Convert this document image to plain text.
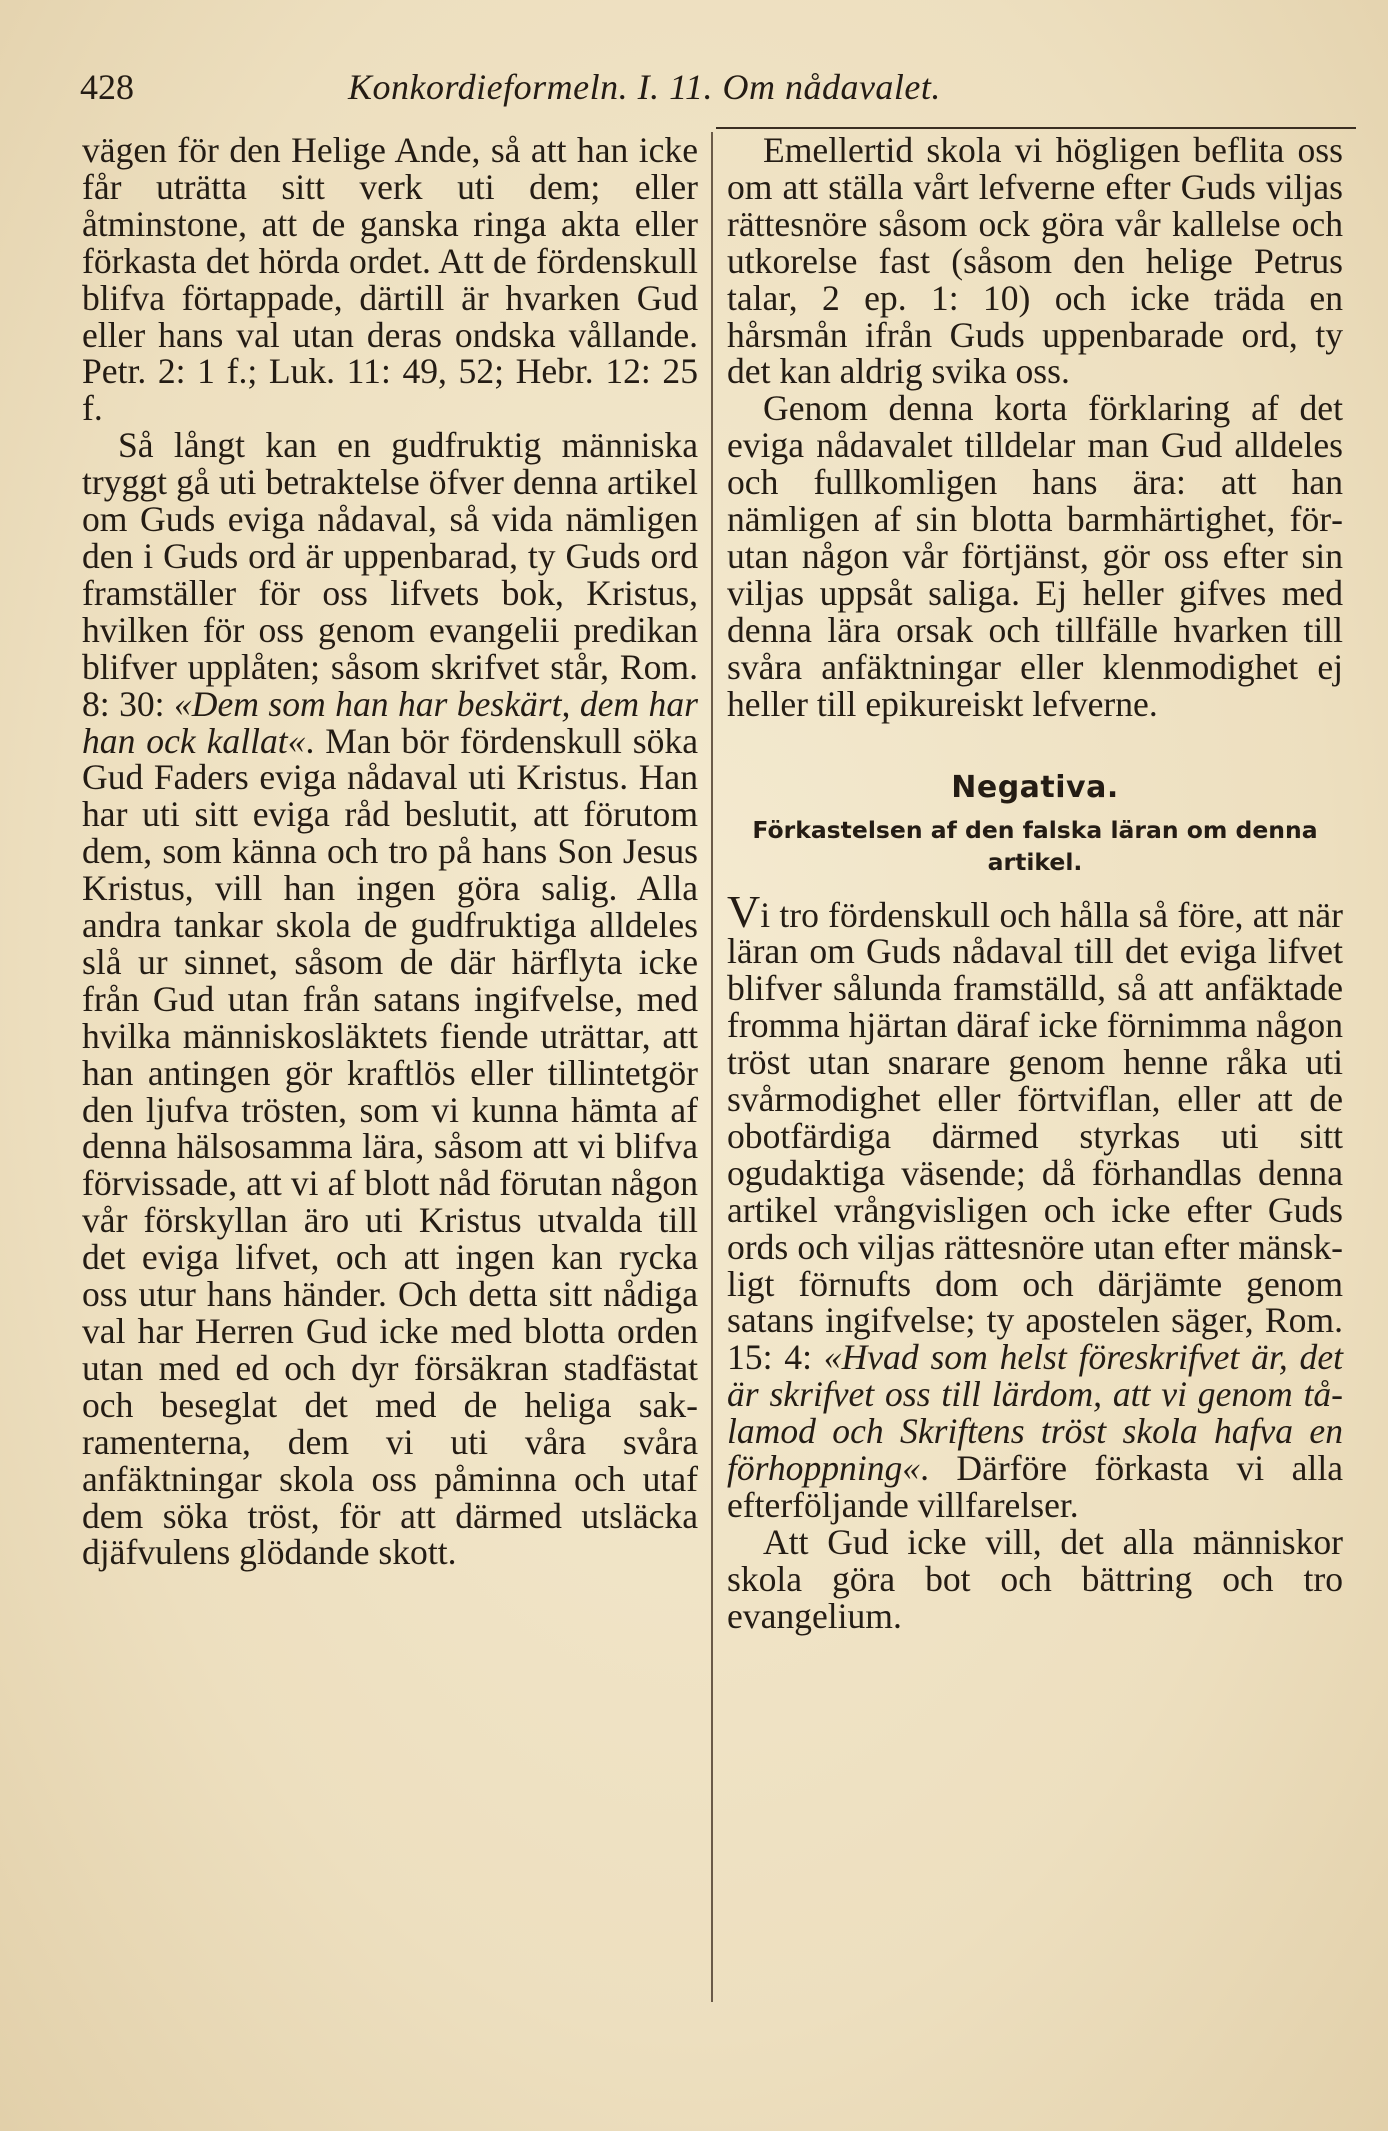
428	Konkordieformeln. I. 11. Om nådavalet.

vägen för den Helige Ande, så att han icke får uträtta sitt verk uti dem; eller åtminstone, att de ganska ringa akta eller förkasta det hörda ordet. Att de fördenskull blifva förtappade, därtill är hvarken Gud eller hans val utan deras ondska vållande. Petr. 2: 1 f.; Luk. 11: 49, 52; Hebr. 12: 25 f.

Så långt kan en gudfruktig människa tryggt gå uti betraktelse öfver denna artikel om Guds eviga nådaval, så vida nämligen den i Guds ord är uppenbarad, ty Guds ord framställer för oss lifvets bok, Kristus, hvilken för oss genom evangelii predikan blifver upplåten; såsom skrifvet står, Rom. 8: 30: «Dem som han har beskärt, dem har han ock kallat«. Man bör fördenskull söka Gud Faders eviga nådaval uti Kristus. Han har uti sitt eviga råd beslutit, att förutom dem, som känna och tro på hans Son Jesus Kristus, vill han ingen göra salig. Alla andra tankar skola de gudfruktiga alldeles slå ur sinnet, såsom de där härflyta icke från Gud utan från satans ingifvelse, med hvilka människosläktets fiende uträttar, att han antingen gör kraftlös eller tillintetgör den ljufva trösten, som vi kunna hämta af denna hälsosamma lära, såsom att vi blifva förvissade, att vi af blott nåd förutan någon vår förskyllan äro uti Kristus utvalda till det eviga lifvet, och att ingen kan rycka oss utur hans händer. Och detta sitt nådiga val har Herren Gud icke med blotta orden utan med ed och dyr försäkran stadfästat och beseglat det med de heliga sakramenterna, dem vi uti våra svåra anfäktningar skola oss påminna och utaf dem söka tröst, för att därmed utsläcka djäfvulens glödande skott.

Emellertid skola vi högligen beflita oss om att ställa vårt lefverne efter Guds viljas rättesnöre såsom ock göra vår kallelse och utkorelse fast (såsom den helige Petrus talar, 2 ep. 1: 10) och icke träda en hårsmån ifrån Guds uppenbarade ord, ty det kan aldrig svika oss.

Genom denna korta förklaring af det eviga nådavalet tilldelar man Gud alldeles och fullkomligen hans ära: att han nämligen af sin blotta barmhärtighet, förutan någon vår förtjänst, gör oss efter sin viljas uppsåt saliga. Ej heller gifves med denna lära orsak och tillfälle hvarken till svåra anfäktningar eller klenmodighet ej heller till epikureiskt lefverne.

Negativa.
Förkastelsen af den falska läran om denna artikel.

Vi tro fördenskull och hålla så före, att när läran om Guds nådaval till det eviga lifvet blifver sålunda framställd, så att anfäktade fromma hjärtan däraf icke förnimma någon tröst utan snarare genom henne råka uti svårmodighet eller förtviflan, eller att de obotfärdiga därmed styrkas uti sitt ogudaktiga väsende; då förhandlas denna artikel vrångvisligen och icke efter Guds ords och viljas rättesnöre utan efter mänskligt förnufts dom och därjämte genom satans ingifvelse; ty apostelen säger, Rom. 15: 4: «Hvad som helst föreskrifvet är, det är skrifvet oss till lärdom, att vi genom tålamod och Skriftens tröst skola hafva en förhoppning«. Därföre förkasta vi alla efterföljande villfarelser.

Att Gud icke vill, det alla människor skola göra bot och bättring och tro evangelium.
